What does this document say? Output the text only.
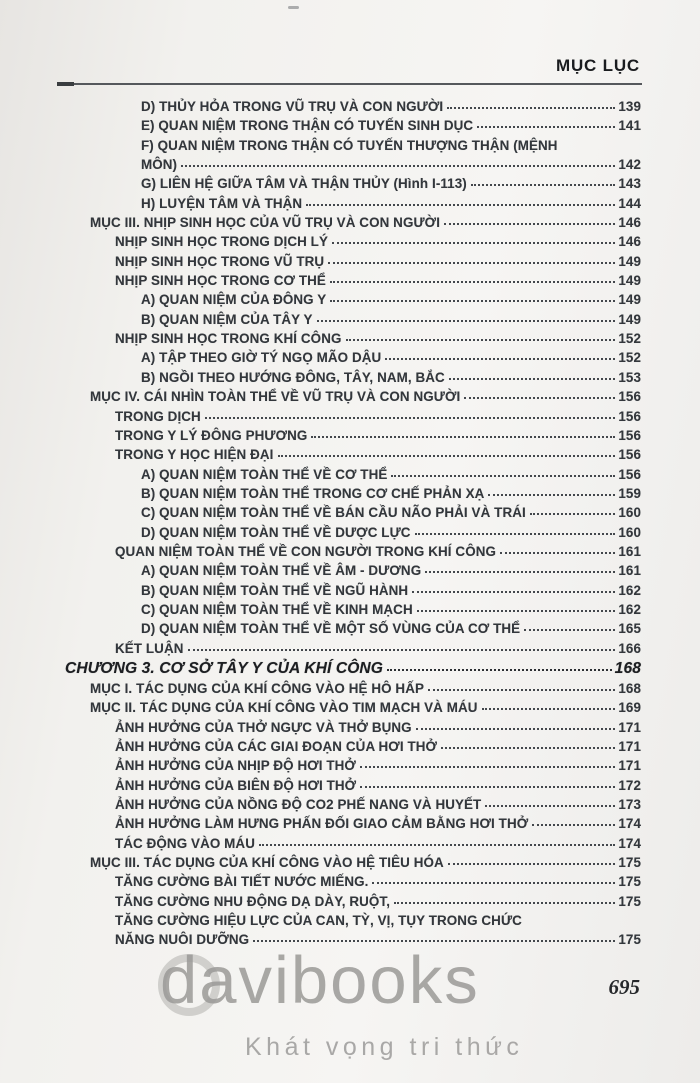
MỤC LỤC
D) THỦY HỎA TRONG VŨ TRỤ VÀ CON NGƯỜI	139
E) QUAN NIỆM TRONG THẬN CÓ TUYẾN SINH DỤC	141
F) QUAN NIỆM TRONG THẬN CÓ TUYẾN THƯỢNG THẬN (MỆNH
MÔN)	142
G) LIÊN HỆ GIỮA TÂM VÀ THẬN THỦY (Hình I-113)	143
H) LUYỆN TÂM VÀ THẬN	144
MỤC III. NHỊP SINH HỌC CỦA VŨ TRỤ VÀ CON NGƯỜI	146
NHỊP SINH HỌC TRONG DỊCH LÝ	146
NHỊP SINH HỌC TRONG VŨ TRỤ	149
NHỊP SINH HỌC TRONG CƠ THỂ	149
A) QUAN NIỆM CỦA ĐÔNG Y	149
B) QUAN NIỆM CỦA TÂY Y	149
NHỊP SINH HỌC TRONG KHÍ CÔNG	152
A) TẬP THEO GIỜ TÝ NGỌ MÃO DẬU	152
B) NGỒI THEO HƯỚNG ĐÔNG, TÂY, NAM, BẮC	153
MỤC IV. CÁI NHÌN TOÀN THỂ VỀ VŨ TRỤ VÀ CON NGƯỜI	156
TRONG DỊCH	156
TRONG Y LÝ ĐÔNG PHƯƠNG	156
TRONG Y HỌC HIỆN ĐẠI	156
A) QUAN NIỆM TOÀN THỂ VỀ CƠ THỂ	156
B) QUAN NIỆM TOÀN THỂ TRONG CƠ CHẾ PHẢN XẠ	159
C) QUAN NIỆM TOÀN THỂ VỀ BÁN CẦU NÃO PHẢI VÀ TRÁI	160
D) QUAN NIỆM TOÀN THỂ VỀ DƯỢC LỰC	160
QUAN NIỆM TOÀN THỂ VỀ CON NGƯỜI TRONG KHÍ CÔNG	161
A) QUAN NIỆM TOÀN THỂ VỀ ÂM - DƯƠNG	161
B) QUAN NIỆM TOÀN THỂ VỀ NGŨ HÀNH	162
C) QUAN NIỆM TOÀN THỂ VỀ KINH MẠCH	162
D) QUAN NIỆM TOÀN THỂ VỀ MỘT SỐ VÙNG CỦA CƠ THỂ	165
KẾT LUẬN	166
CHƯƠNG 3. CƠ SỞ TÂY Y CỦA KHÍ CÔNG	168
MỤC I. TÁC DỤNG CỦA KHÍ CÔNG VÀO HỆ HÔ HẤP	168
MỤC II. TÁC DỤNG CỦA KHÍ CÔNG VÀO TIM MẠCH VÀ MÁU	169
ẢNH HƯỞNG CỦA THỞ NGỰC VÀ THỞ BỤNG	171
ẢNH HƯỞNG CỦA CÁC GIAI ĐOẠN CỦA HƠI THỞ	171
ẢNH HƯỞNG CỦA NHỊP ĐỘ HƠI THỞ	171
ẢNH HƯỞNG CỦA BIÊN ĐỘ HƠI THỞ	172
ẢNH HƯỞNG CỦA NỒNG ĐỘ CO2 PHẾ NANG VÀ HUYẾT	173
ẢNH HƯỞNG LÀM HƯNG PHẤN ĐỐI GIAO CẢM BẰNG HƠI THỞ	174
TÁC ĐỘNG VÀO MÁU	174
MỤC III. TÁC DỤNG CỦA KHÍ CÔNG VÀO HỆ TIÊU HÓA	175
TĂNG CƯỜNG BÀI TIẾT NƯỚC MIẾNG.	175
TĂNG CƯỜNG NHU ĐỘNG DẠ DÀY, RUỘT,	175
TĂNG CƯỜNG HIỆU LỰC CỦA CAN, TỲ, VỊ, TỤY TRONG CHỨC
NĂNG NUÔI DƯỠNG	175
davibooks
Khát vọng tri thức
695
